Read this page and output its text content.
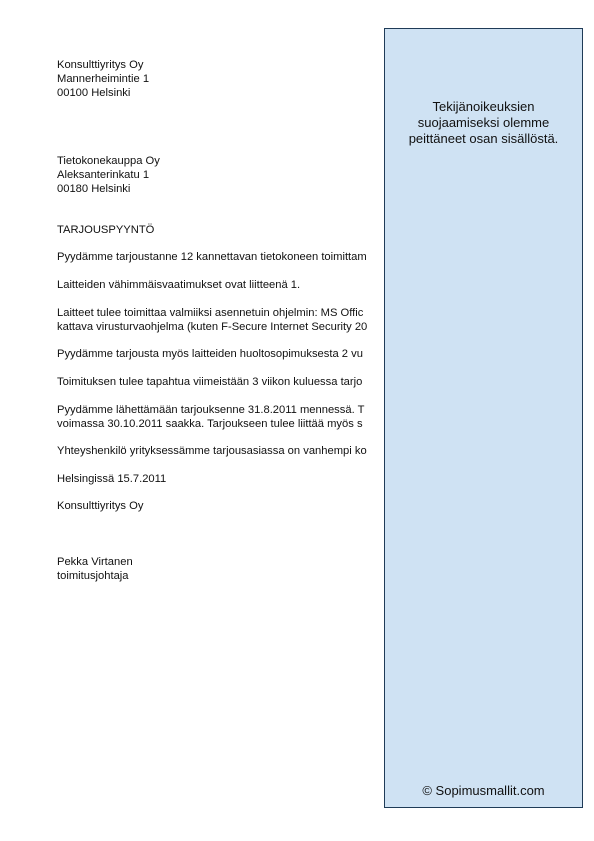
Konsulttiyritys Oy
Mannerheimintie 1
00100 Helsinki
Tietokonekauppa Oy
Aleksanterinkatu 1
00180 Helsinki
TARJOUSPYYNTÖ
Pyydämme tarjoustanne 12 kannettavan tietokoneen toimittam
Laitteiden vähimmäisvaatimukset ovat liitteenä 1.
Laitteet tulee toimittaa valmiiksi asennetuin ohjelmin: MS Offic
kattava virusturvaohjelma (kuten F-Secure Internet Security 20
Pyydämme tarjousta myös laitteiden huoltosopimuksesta 2 vu
Toimituksen tulee tapahtua viimeistään 3 viikon kuluessa tarjo
Pyydämme lähettämään tarjouksenne 31.8.2011 mennessä. T
voimassa 30.10.2011 saakka. Tarjoukseen tulee liittää myös s
Yhteyshenkilö yrityksessämme tarjousasiassa on vanhempi ko
Helsingissä 15.7.2011
Konsulttiyritys Oy
Pekka Virtanen
toimitusjohtaja
Tekijänoikeuksien
suojaamiseksi olemme
peittäneet osan sisällöstä.
© Sopimusmallit.com
